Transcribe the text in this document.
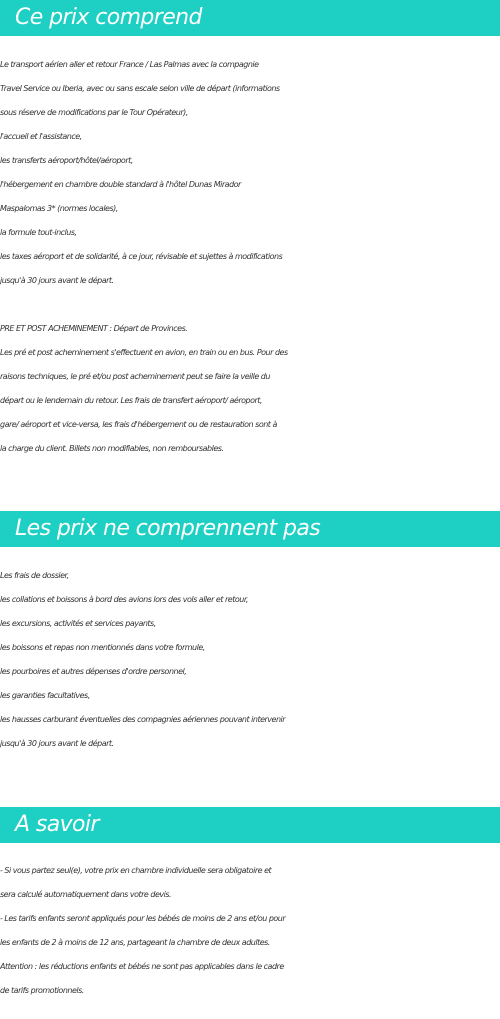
Ce prix comprend
Le transport aérien aller et retour France / Las Palmas avec la compagnie
Travel Service ou Iberia, avec ou sans escale selon ville de départ (informations
sous réserve de modifications par le Tour Opérateur),
l'accueil et l'assistance,
les transferts aéroport/hôtel/aéroport,
l'hébergement en chambre double standard à l'hôtel Dunas Mirador
Maspalomas 3* (normes locales),
la formule tout-inclus,
les taxes aéroport et de solidarité, à ce jour, révisable et sujettes à modifications
jusqu'à 30 jours avant le départ.
PRE ET POST ACHEMINEMENT : Départ de Provinces.
Les pré et post acheminement s'effectuent en avion, en train ou en bus. Pour des
raisons techniques, le pré et/ou post acheminement peut se faire la veille du
départ ou le lendemain du retour. Les frais de transfert aéroport/ aéroport,
gare/ aéroport et vice-versa, les frais d'hébergement ou de restauration sont à
la charge du client. Billets non modifiables, non remboursables.
Les prix ne comprennent pas
Les frais de dossier,
les collations et boissons à bord des avions lors des vols aller et retour,
les excursions, activités et services payants,
les boissons et repas non mentionnés dans votre formule,
les pourboires et autres dépenses d'ordre personnel,
les garanties facultatives,
les hausses carburant éventuelles des compagnies aériennes pouvant intervenir
jusqu'à 30 jours avant le départ.
A savoir
- Si vous partez seul(e), votre prix en chambre individuelle sera obligatoire et
sera calculé automatiquement dans votre devis.
- Les tarifs enfants seront appliqués pour les bébés de moins de 2 ans et/ou pour
les enfants de 2 à moins de 12 ans, partageant la chambre de deux adultes.
Attention : les réductions enfants et bébés ne sont pas applicables dans le cadre
de tarifs promotionnels.
